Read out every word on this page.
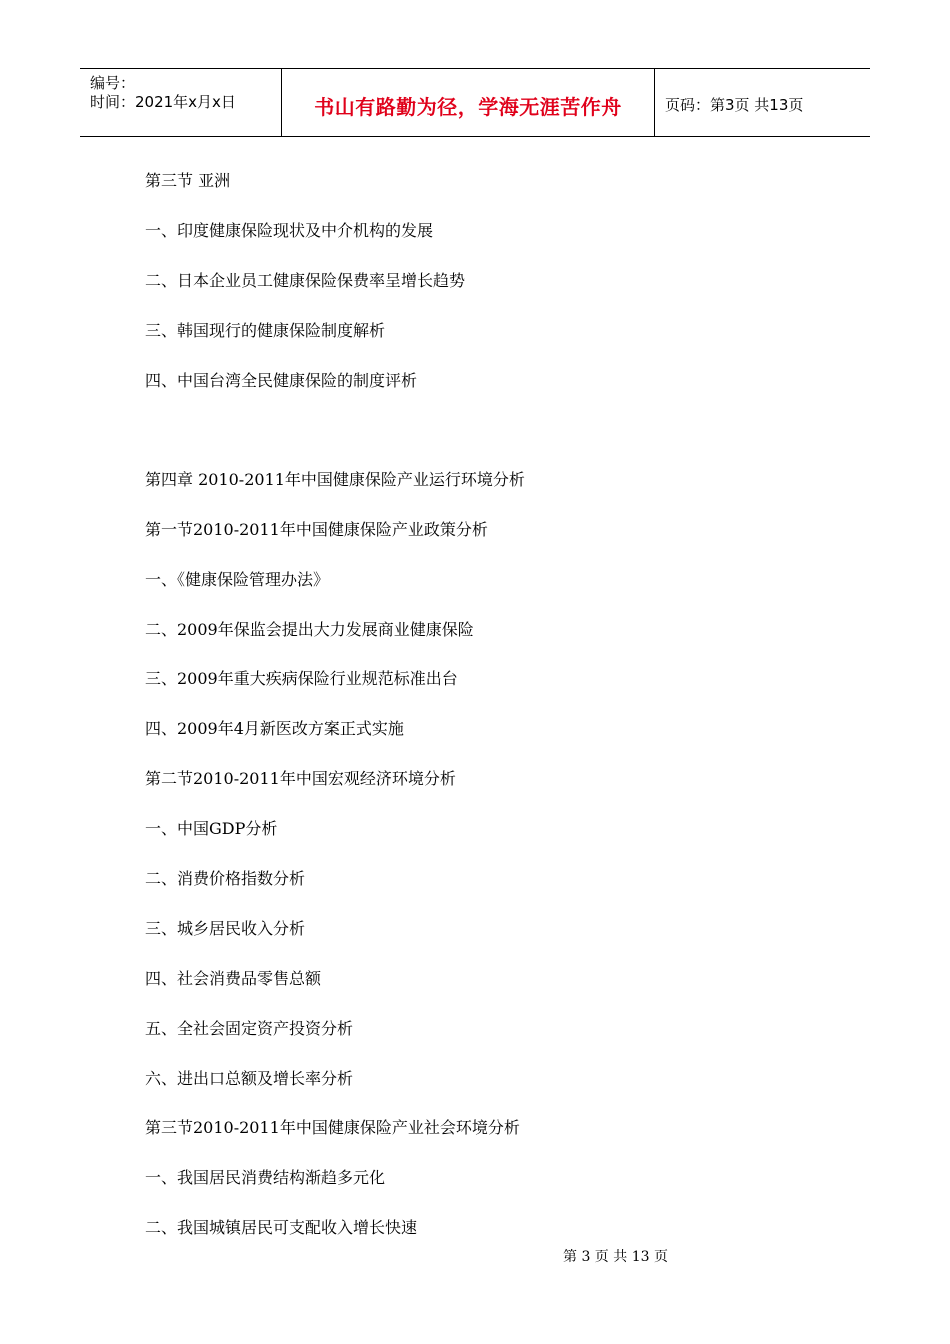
编号：
时间：2021年x月x日	书山有路勤为径，学海无涯苦作舟	页码：第3页 共13页
第三节 亚洲
一、印度健康保险现状及中介机构的发展
二、日本企业员工健康保险保费率呈增长趋势
三、韩国现行的健康保险制度解析
四、中国台湾全民健康保险的制度评析
第四章 2010-2011年中国健康保险产业运行环境分析
第一节2010-2011年中国健康保险产业政策分析
一、《健康保险管理办法》
二、2009年保监会提出大力发展商业健康保险
三、2009年重大疾病保险行业规范标准出台
四、2009年4月新医改方案正式实施
第二节2010-2011年中国宏观经济环境分析
一、中国GDP分析
二、消费价格指数分析
三、城乡居民收入分析
四、社会消费品零售总额
五、全社会固定资产投资分析
六、进出口总额及增长率分析
第三节2010-2011年中国健康保险产业社会环境分析
一、我国居民消费结构渐趋多元化
二、我国城镇居民可支配收入增长快速
第 3 页 共 13 页
